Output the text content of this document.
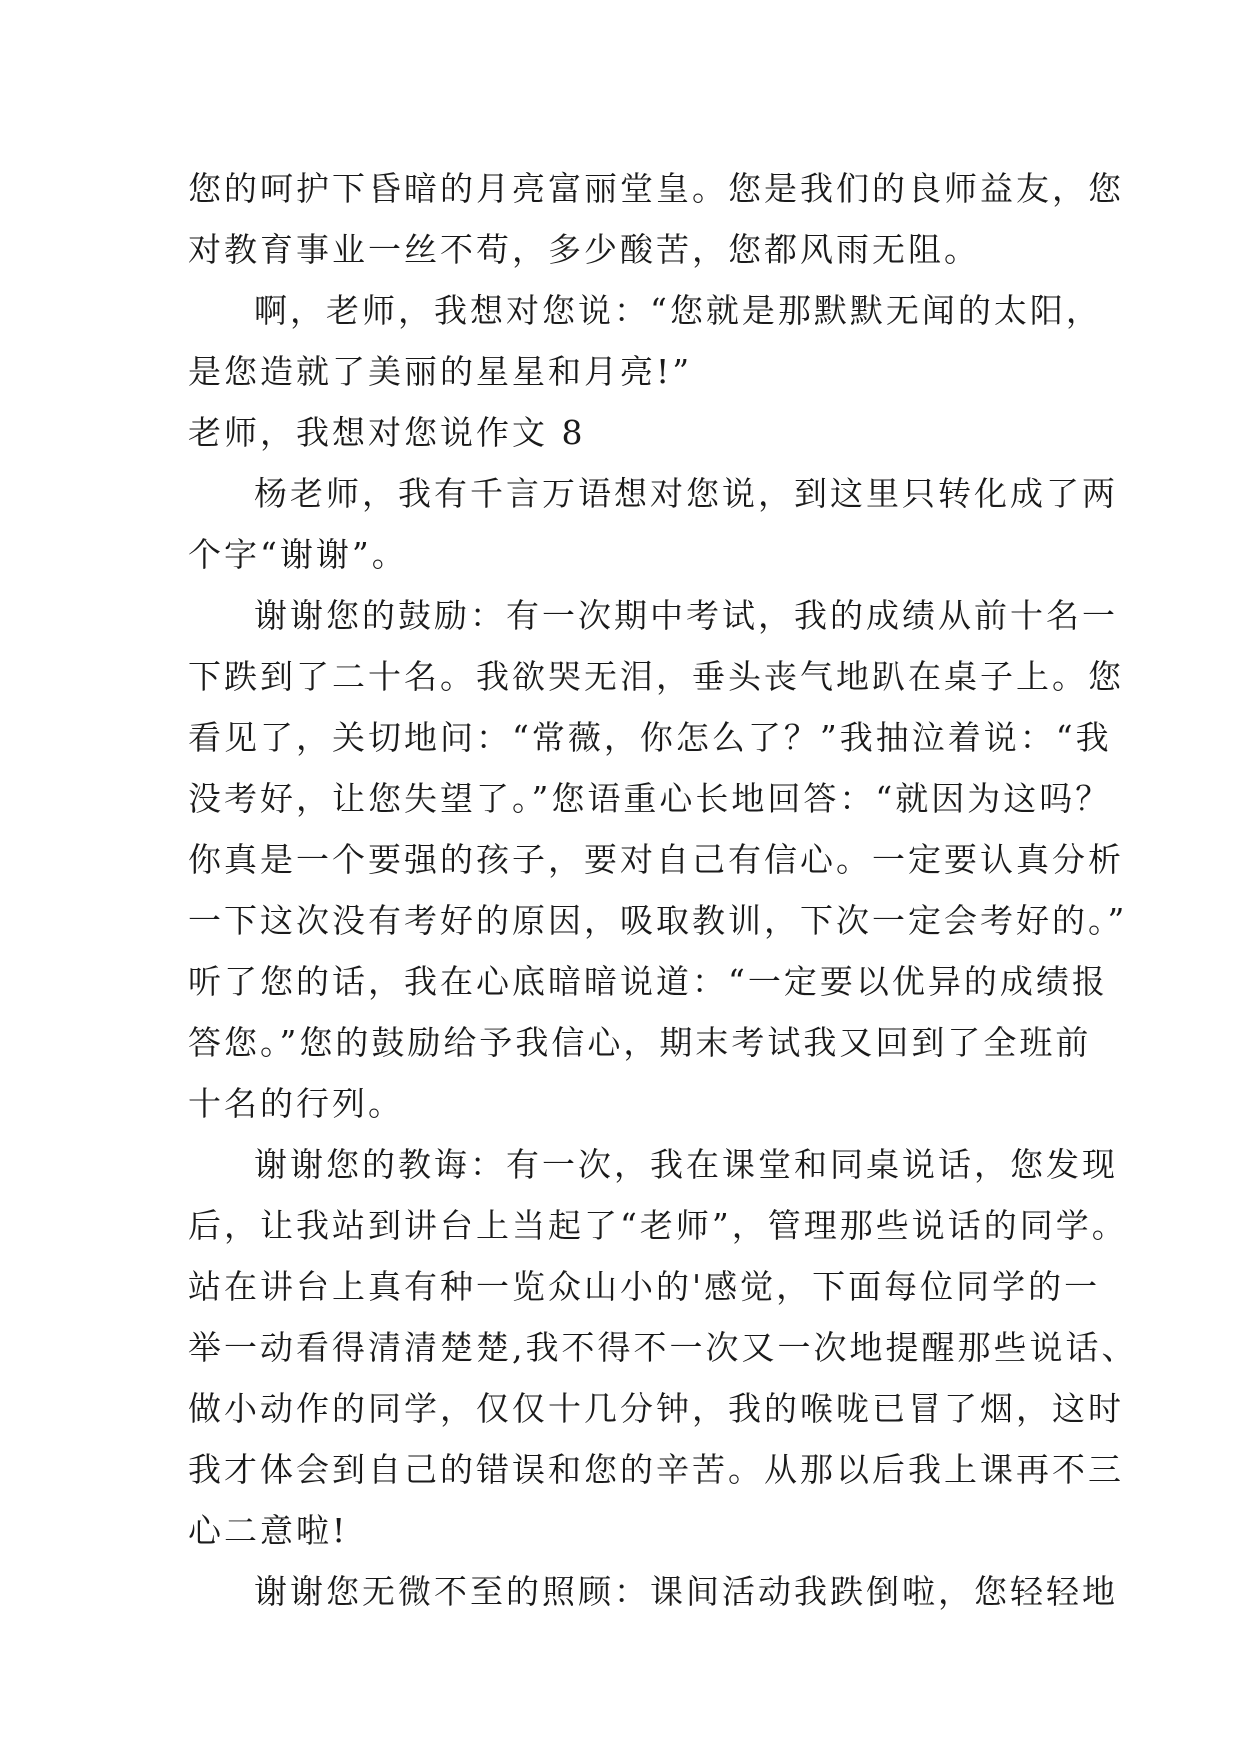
您的呵护下昏暗的月亮富丽堂皇。您是我们的良师益友，您
对教育事业一丝不苟，多少酸苦，您都风雨无阻。
啊，老师，我想对您说：“您就是那默默无闻的太阳，
是您造就了美丽的星星和月亮!”
老师，我想对您说作文 8
杨老师，我有千言万语想对您说，到这里只转化成了两
个字“谢谢”。
谢谢您的鼓励：有一次期中考试，我的成绩从前十名一
下跌到了二十名。我欲哭无泪，垂头丧气地趴在桌子上。您
看见了，关切地问：“常薇，你怎么了？”我抽泣着说：“我
没考好，让您失望了。”您语重心长地回答：“就因为这吗？
你真是一个要强的孩子，要对自己有信心。一定要认真分析
一下这次没有考好的原因，吸取教训，下次一定会考好的。”
听了您的话，我在心底暗暗说道：“一定要以优异的成绩报
答您。”您的鼓励给予我信心，期末考试我又回到了全班前
十名的行列。
谢谢您的教诲：有一次，我在课堂和同桌说话，您发现
后，让我站到讲台上当起了“老师”，管理那些说话的同学。
站在讲台上真有种一览众山小的'感觉，下面每位同学的一
举一动看得清清楚楚,我不得不一次又一次地提醒那些说话、
做小动作的同学，仅仅十几分钟，我的喉咙已冒了烟，这时
我才体会到自己的错误和您的辛苦。从那以后我上课再不三
心二意啦!
谢谢您无微不至的照顾：课间活动我跌倒啦，您轻轻地
